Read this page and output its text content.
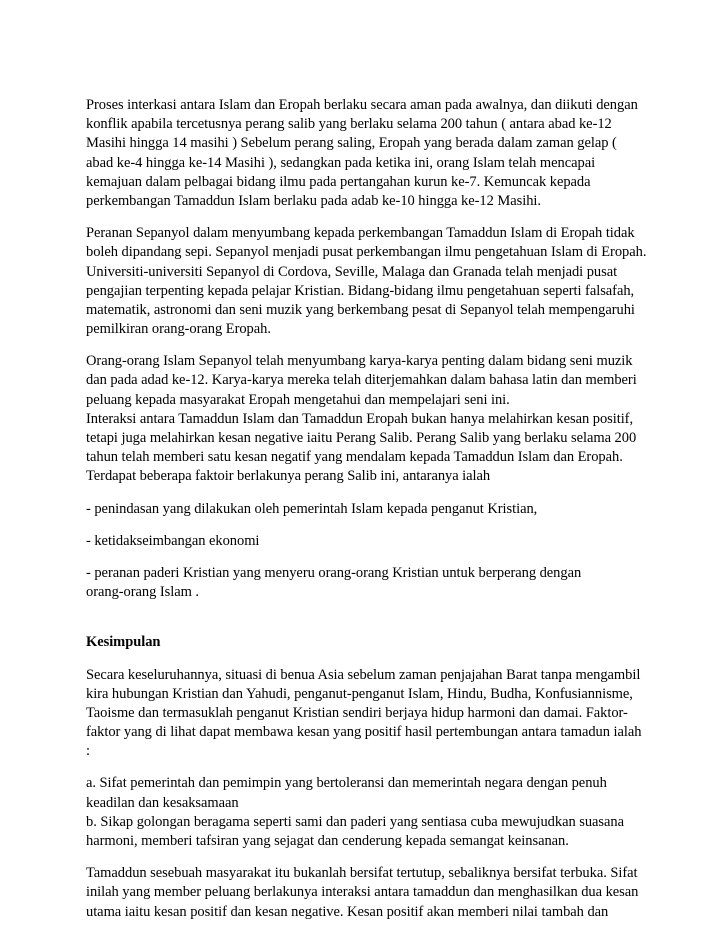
Proses interkasi antara Islam dan Eropah berlaku secara aman pada awalnya, dan diikuti dengan
konflik apabila tercetusnya perang salib yang berlaku selama 200 tahun ( antara abad ke-12
Masihi hingga 14 masihi ) Sebelum perang saling, Eropah yang berada dalam zaman gelap (
abad ke-4 hingga ke-14 Masihi ), sedangkan pada ketika ini, orang Islam telah mencapai
kemajuan dalam pelbagai bidang ilmu pada pertangahan kurun ke-7. Kemuncak kepada
perkembangan Tamaddun Islam berlaku pada adab ke-10 hingga ke-12 Masihi.
Peranan Sepanyol dalam menyumbang kepada perkembangan Tamaddun Islam di Eropah tidak
boleh dipandang sepi. Sepanyol menjadi pusat perkembangan ilmu pengetahuan Islam di Eropah.
Universiti-universiti Sepanyol di Cordova, Seville, Malaga dan Granada telah menjadi pusat
pengajian terpenting kepada pelajar Kristian. Bidang-bidang ilmu pengetahuan seperti falsafah,
matematik, astronomi dan seni muzik yang berkembang pesat di Sepanyol telah mempengaruhi
pemilkiran orang-orang Eropah.
Orang-orang Islam Sepanyol telah menyumbang karya-karya penting dalam bidang seni muzik
dan pada adad ke-12. Karya-karya mereka telah diterjemahkan dalam bahasa latin dan memberi
peluang kepada masyarakat Eropah mengetahui dan mempelajari seni ini.
Interaksi antara Tamaddun Islam dan Tamaddun Eropah bukan hanya melahirkan kesan positif,
tetapi juga melahirkan kesan negative iaitu Perang Salib. Perang Salib yang berlaku selama 200
tahun telah memberi satu kesan negatif yang mendalam kepada Tamaddun Islam dan Eropah.
Terdapat beberapa faktoir berlakunya perang Salib ini, antaranya ialah
- penindasan yang dilakukan oleh pemerintah Islam kepada penganut Kristian,
- ketidakseimbangan ekonomi
- peranan paderi Kristian yang menyeru orang-orang Kristian untuk berperang dengan
orang-orang Islam .
Kesimpulan
Secara keseluruhannya, situasi di benua Asia sebelum zaman penjajahan Barat tanpa mengambil
kira hubungan Kristian dan Yahudi, penganut-penganut Islam, Hindu, Budha, Konfusiannisme,
Taoisme dan termasuklah penganut Kristian sendiri berjaya hidup harmoni dan damai. Faktor-
faktor yang di lihat dapat membawa kesan yang positif hasil pertembungan antara tamadun ialah
:
a. Sifat pemerintah dan pemimpin yang bertoleransi dan memerintah negara dengan penuh
keadilan dan kesaksamaan
b. Sikap golongan beragama seperti sami dan paderi yang sentiasa cuba mewujudkan suasana
harmoni, memberi tafsiran yang sejagat dan cenderung kepada semangat keinsanan.
Tamaddun sesebuah masyarakat itu bukanlah bersifat tertutup, sebaliknya bersifat terbuka. Sifat
inilah yang member peluang berlakunya interaksi antara tamaddun dan menghasilkan dua kesan
utama iaitu kesan positif dan kesan negative. Kesan positif akan memberi nilai tambah dan
